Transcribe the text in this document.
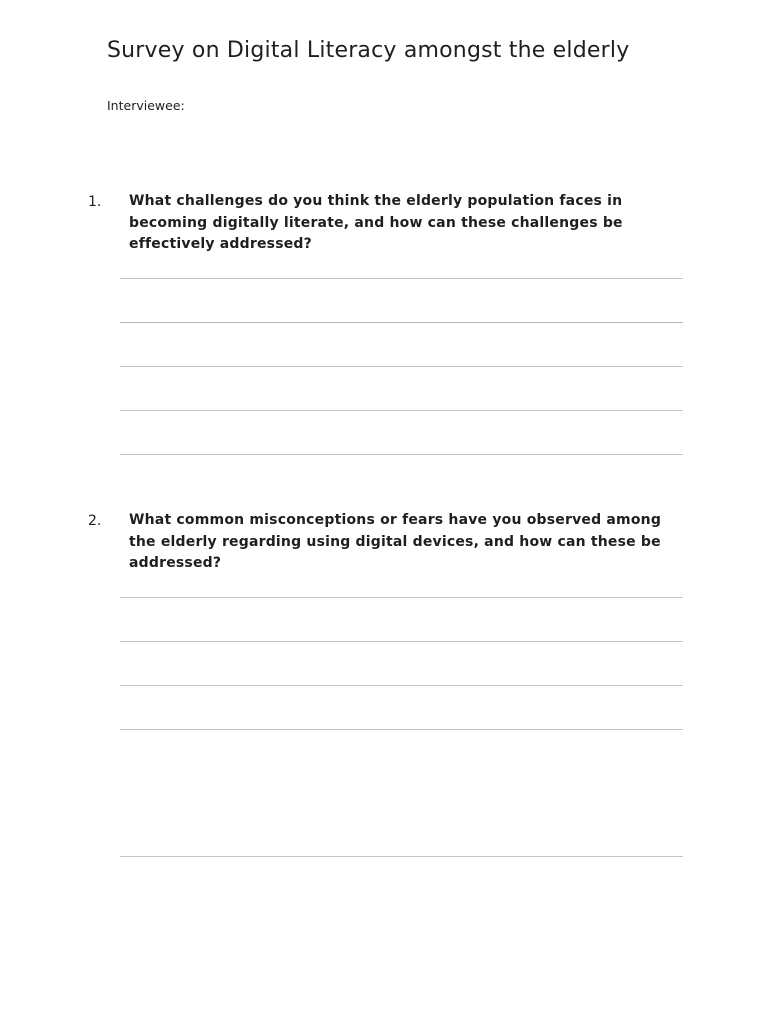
Survey on Digital Literacy amongst the elderly
Interviewee:
1. What challenges do you think the elderly population faces in becoming digitally literate, and how can these challenges be effectively addressed?
2. What common misconceptions or fears have you observed among the elderly regarding using digital devices, and how can these be addressed?
